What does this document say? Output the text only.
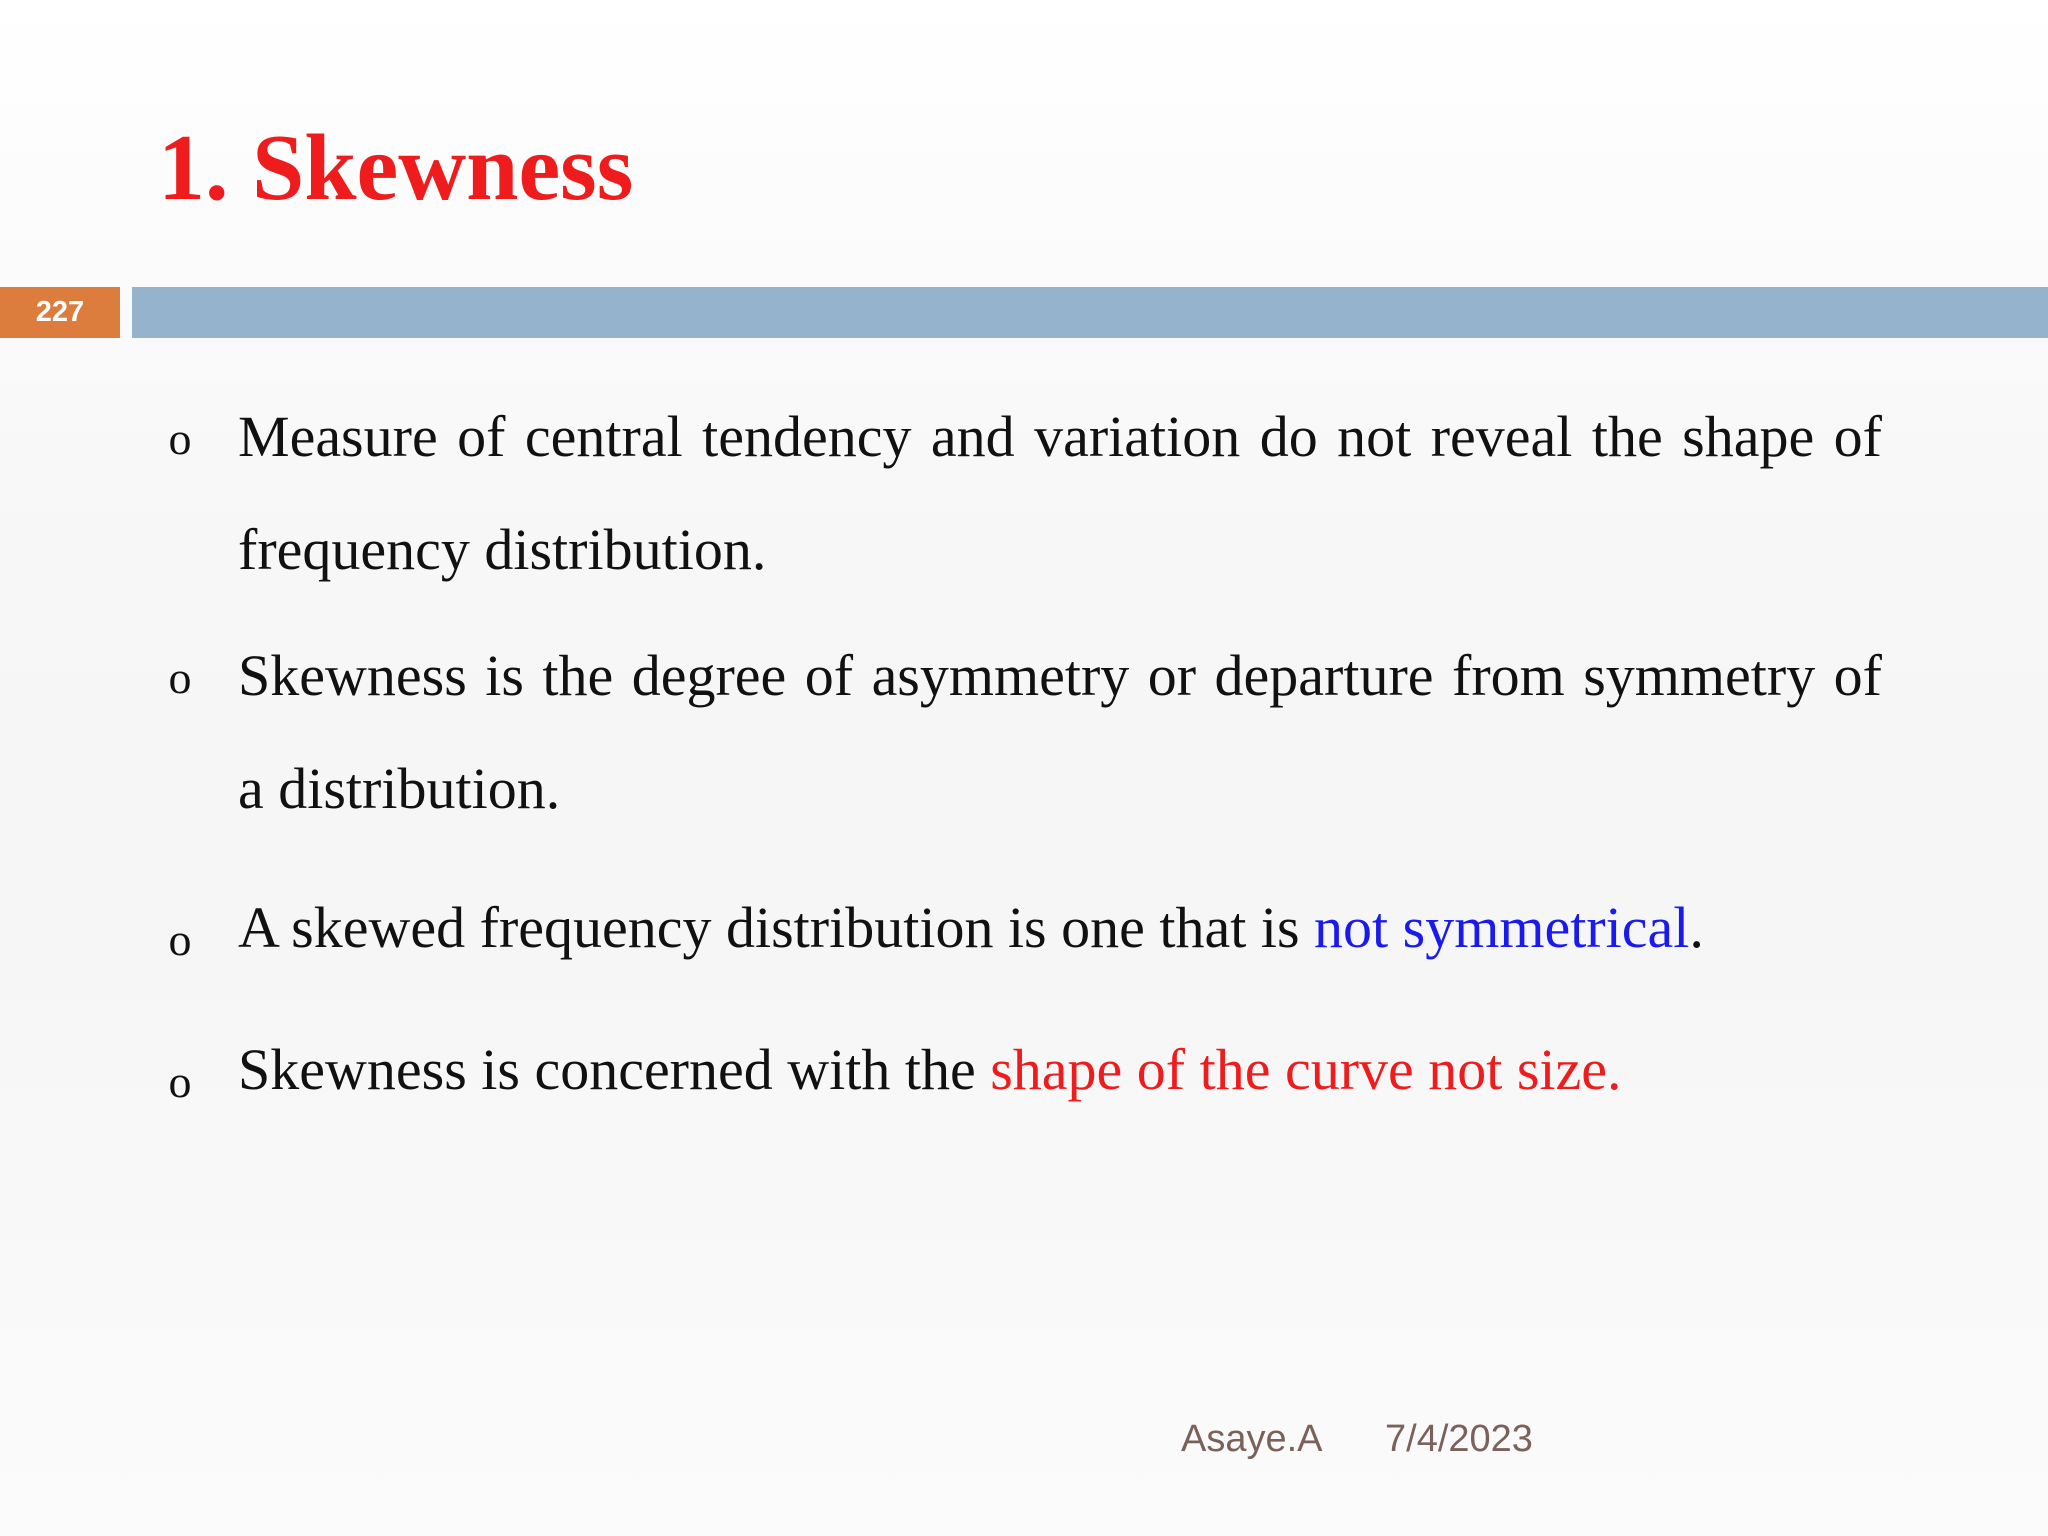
1. Skewness
227
o Measure of central tendency and variation do not reveal the shape of frequency distribution.
o Skewness is the degree of asymmetry or departure from symmetry of a distribution.
o A skewed frequency distribution is one that is not symmetrical.
o Skewness is concerned with the shape of the curve not size.
Asaye.A 7/4/2023
